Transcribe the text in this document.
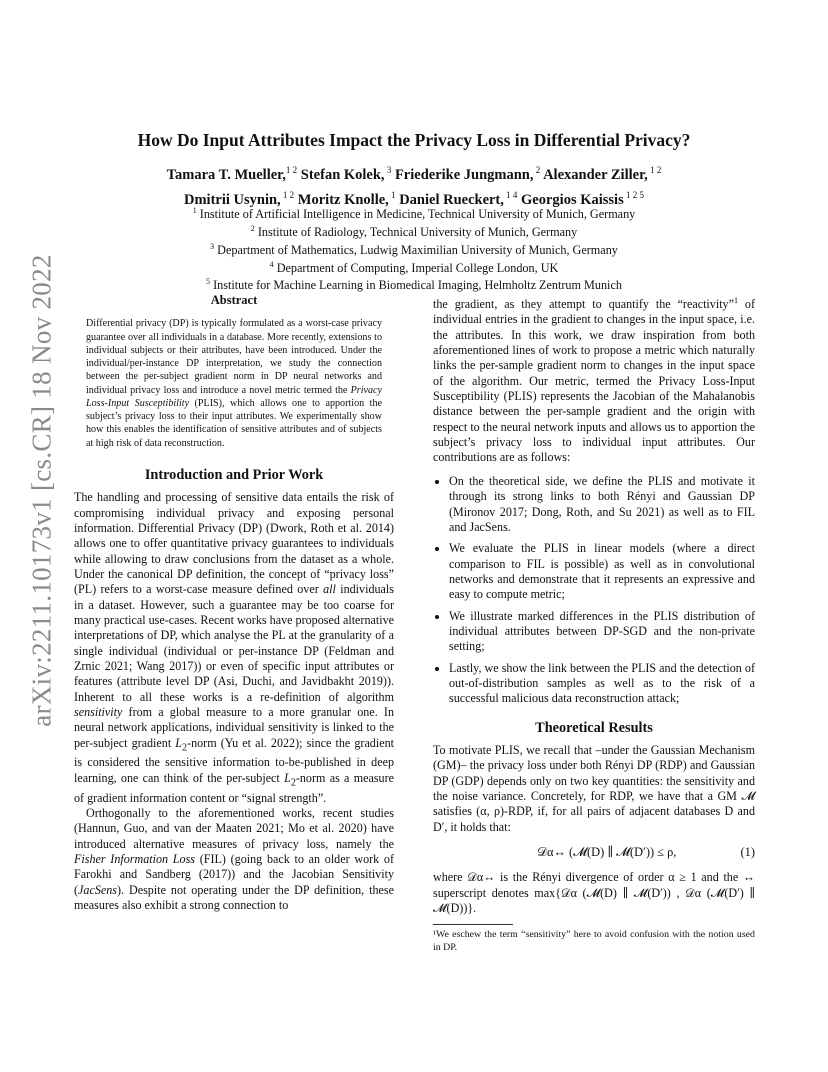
arXiv:2211.10173v1 [cs.CR] 18 Nov 2022
How Do Input Attributes Impact the Privacy Loss in Differential Privacy?
Tamara T. Mueller,$^{1 2}$ Stefan Kolek, $^3$ Friederike Jungmann, $^2$ Alexander Ziller, $^{1 2}$
Dmitrii Usynin, $^{1 2}$ Moritz Knolle, $^1$ Daniel Rueckert, $^{1 4}$ Georgios Kaissis $^{1 2 5}$
$^1$ Institute of Artificial Intelligence in Medicine, Technical University of Munich, Germany
$^2$ Institute of Radiology, Technical University of Munich, Germany
$^3$ Department of Mathematics, Ludwig Maximilian University of Munich, Germany
$^4$ Department of Computing, Imperial College London, UK
$^5$ Institute for Machine Learning in Biomedical Imaging, Helmholtz Zentrum Munich
Abstract

Differential privacy (DP) is typically formulated as a worst-case privacy guarantee over all individuals in a database. More recently, extensions to individual subjects or their attributes, have been introduced. Under the individual/per-instance DP interpretation, we study the connection between the per-subject gradient norm in DP neural networks and individual privacy loss and introduce a novel metric termed the Privacy Loss-Input Susceptibility (PLIS), which allows one to apportion the subject’s privacy loss to their input attributes. We experimentally show how this enables the identification of sensitive attributes and of subjects at high risk of data reconstruction.

Introduction and Prior Work

The handling and processing of sensitive data entails the risk of compromising individual privacy and exposing personal information. Differential Privacy (DP) (Dwork, Roth et al. 2014) allows one to offer quantitative privacy guarantees to individuals while allowing to draw conclusions from the dataset as a whole. Under the canonical DP definition, the concept of “privacy loss” (PL) refers to a worst-case measure defined over all individuals in a dataset. However, such a guarantee may be too coarse for many practical use-cases. Recent works have proposed alternative interpretations of DP, which analyse the PL at the granularity of a single individual (individual or per-instance DP (Feldman and Zrnic 2021; Wang 2017)) or even of specific input attributes or features (attribute level DP (Asi, Duchi, and Javidbakht 2019)). Inherent to all these works is a re-definition of algorithm sensitivity from a global measure to a more granular one. In neural network applications, individual sensitivity is linked to the per-subject gradient $L_2$-norm (Yu et al. 2022); since the gradient is considered the sensitive information to-be-published in deep learning, one can think of the per-subject $L_2$-norm as a measure of gradient information content or “signal strength”.

Orthogonally to the aforementioned works, recent studies (Hannun, Guo, and van der Maaten 2021; Mo et al. 2020) have introduced alternative measures of privacy loss, namely the Fisher Information Loss (FIL) (going back to an older work of Farokhi and Sandberg (2017)) and the Jacobian Sensitivity (JacSens). Despite not operating under the DP definition, these measures also exhibit a strong connection to

the gradient, as they attempt to quantify the “reactivity”$^1$ of individual entries in the gradient to changes in the input space, i.e. the attributes. In this work, we draw inspiration from both aforementioned lines of work to propose a metric which naturally links the per-sample gradient norm to changes in the input space of the algorithm. Our metric, termed the Privacy Loss-Input Susceptibility (PLIS) represents the Jacobian of the Mahalanobis distance between the per-sample gradient and the origin with respect to the neural network inputs and allows us to apportion the subject’s privacy loss to individual input attributes. Our contributions are as follows:

• On the theoretical side, we define the PLIS and motivate it through its strong links to both Rényi and Gaussian DP (Mironov 2017; Dong, Roth, and Su 2021) as well as to FIL and JacSens.
• We evaluate the PLIS in linear models (where a direct comparison to FIL is possible) as well as in convolutional networks and demonstrate that it represents an expressive and easy to compute metric;
• We illustrate marked differences in the PLIS distribution of individual attributes between DP-SGD and the non-private setting;
• Lastly, we show the link between the PLIS and the detection of out-of-distribution samples as well as to the risk of a successful malicious data reconstruction attack;
Theoretical Results

To motivate PLIS, we recall that –under the Gaussian Mechanism (GM)– the privacy loss under both Rényi DP (RDP) and Gaussian DP (GDP) depends only on two key quantities: the sensitivity and the noise variance. Concretely, for RDP, we have that a GM 𝓜 satisfies (α, ρ)-RDP, if, for all pairs of adjacent databases D and D′, it holds that:

𝒟α↔ (𝓜(D) ∥ 𝓜(D′)) ≤ ρ,	(1)

where 𝒟α↔ is the Rényi divergence of order α ≥ 1 and the ↔ superscript denotes max{𝒟α (𝓜(D) ∥ 𝓜(D′)) , 𝒟α (𝓜(D′) ∥ 𝓜(D))}.

¹We eschew the term “sensitivity” here to avoid confusion with the notion used in DP.
